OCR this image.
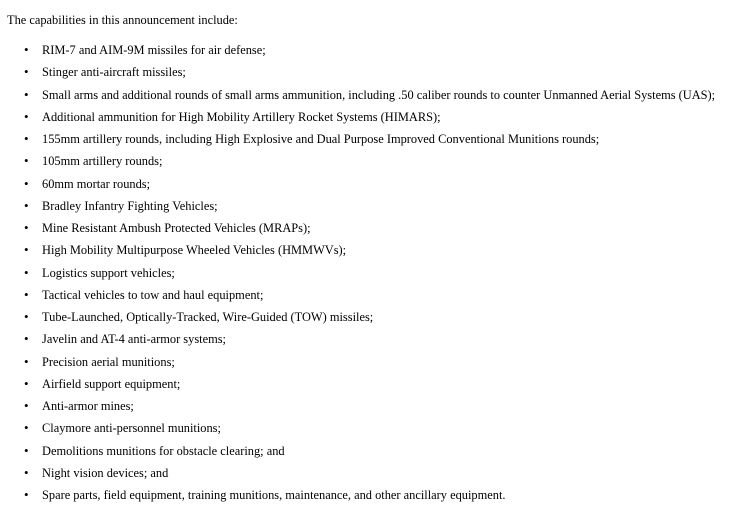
The capabilities in this announcement include:

• RIM-7 and AIM-9M missiles for air defense;
• Stinger anti-aircraft missiles;
• Small arms and additional rounds of small arms ammunition, including .50 caliber rounds to counter Unmanned Aerial Systems (UAS);
• Additional ammunition for High Mobility Artillery Rocket Systems (HIMARS);
• 155mm artillery rounds, including High Explosive and Dual Purpose Improved Conventional Munitions rounds;
• 105mm artillery rounds;
• 60mm mortar rounds;
• Bradley Infantry Fighting Vehicles;
• Mine Resistant Ambush Protected Vehicles (MRAPs);
• High Mobility Multipurpose Wheeled Vehicles (HMMWVs);
• Logistics support vehicles;
• Tactical vehicles to tow and haul equipment;
• Tube-Launched, Optically-Tracked, Wire-Guided (TOW) missiles;
• Javelin and AT-4 anti-armor systems;
• Precision aerial munitions;
• Airfield support equipment;
• Anti-armor mines;
• Claymore anti-personnel munitions;
• Demolitions munitions for obstacle clearing; and
• Night vision devices; and
• Spare parts, field equipment, training munitions, maintenance, and other ancillary equipment.
